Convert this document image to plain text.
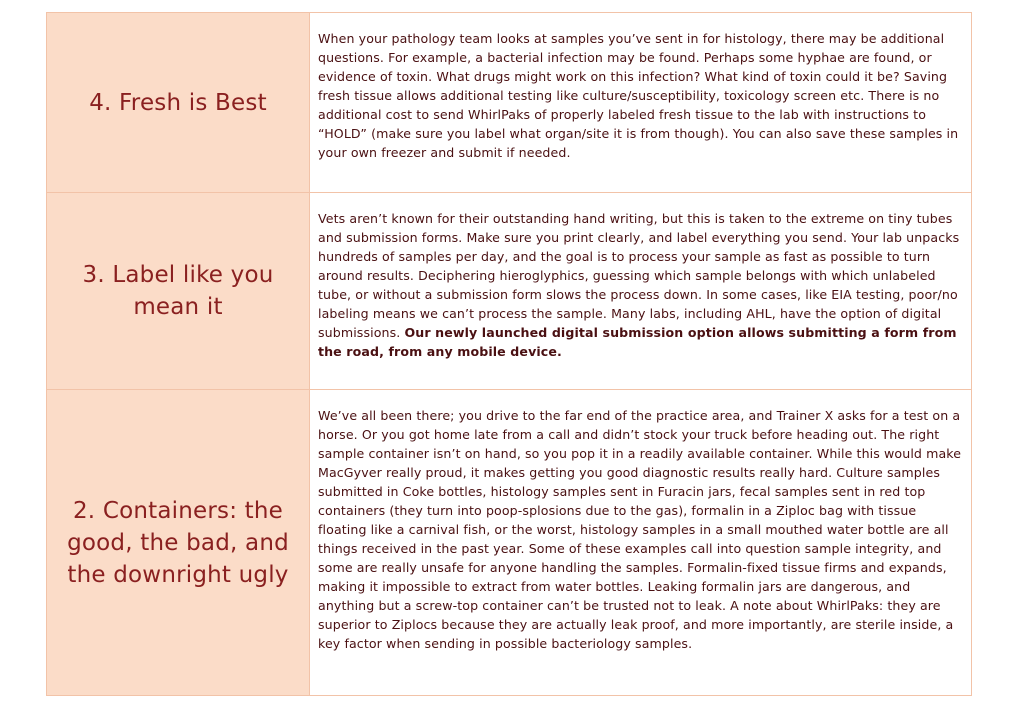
4. Fresh is Best

When your pathology team looks at samples you’ve sent in for histology, there may be additional questions. For example, a bacterial infection may be found. Perhaps some hyphae are found, or evidence of toxin. What drugs might work on this infection? What kind of toxin could it be? Saving fresh tissue allows additional testing like culture/susceptibility, toxicology screen etc. There is no additional cost to send WhirlPaks of properly labeled fresh tissue to the lab with instructions to “HOLD” (make sure you label what organ/site it is from though). You can also save these samples in your own freezer and submit if needed.

3. Label like you mean it

Vets aren’t known for their outstanding hand writing, but this is taken to the extreme on tiny tubes and submission forms. Make sure you print clearly, and label everything you send. Your lab unpacks hundreds of samples per day, and the goal is to process your sample as fast as possible to turn around results. Deciphering hieroglyphics, guessing which sample belongs with which unlabeled tube, or without a submission form slows the process down. In some cases, like EIA testing, poor/no labeling means we can’t process the sample. Many labs, including AHL, have the option of digital submissions. Our newly launched digital submission option allows submitting a form from the road, from any mobile device.

2. Containers: the good, the bad, and the downright ugly

We’ve all been there; you drive to the far end of the practice area, and Trainer X asks for a test on a horse. Or you got home late from a call and didn’t stock your truck before heading out. The right sample container isn’t on hand, so you pop it in a readily available container. While this would make MacGyver really proud, it makes getting you good diagnostic results really hard. Culture samples submitted in Coke bottles, histology samples sent in Furacin jars, fecal samples sent in red top containers (they turn into poop-splosions due to the gas), formalin in a Ziploc bag with tissue floating like a carnival fish, or the worst, histology samples in a small mouthed water bottle are all things received in the past year. Some of these examples call into question sample integrity, and some are really unsafe for anyone handling the samples. Formalin-fixed tissue firms and expands, making it impossible to extract from water bottles. Leaking formalin jars are dangerous, and anything but a screw-top container can’t be trusted not to leak. A note about WhirlPaks: they are superior to Ziplocs because they are actually leak proof, and more importantly, are sterile inside, a key factor when sending in possible bacteriology samples.
